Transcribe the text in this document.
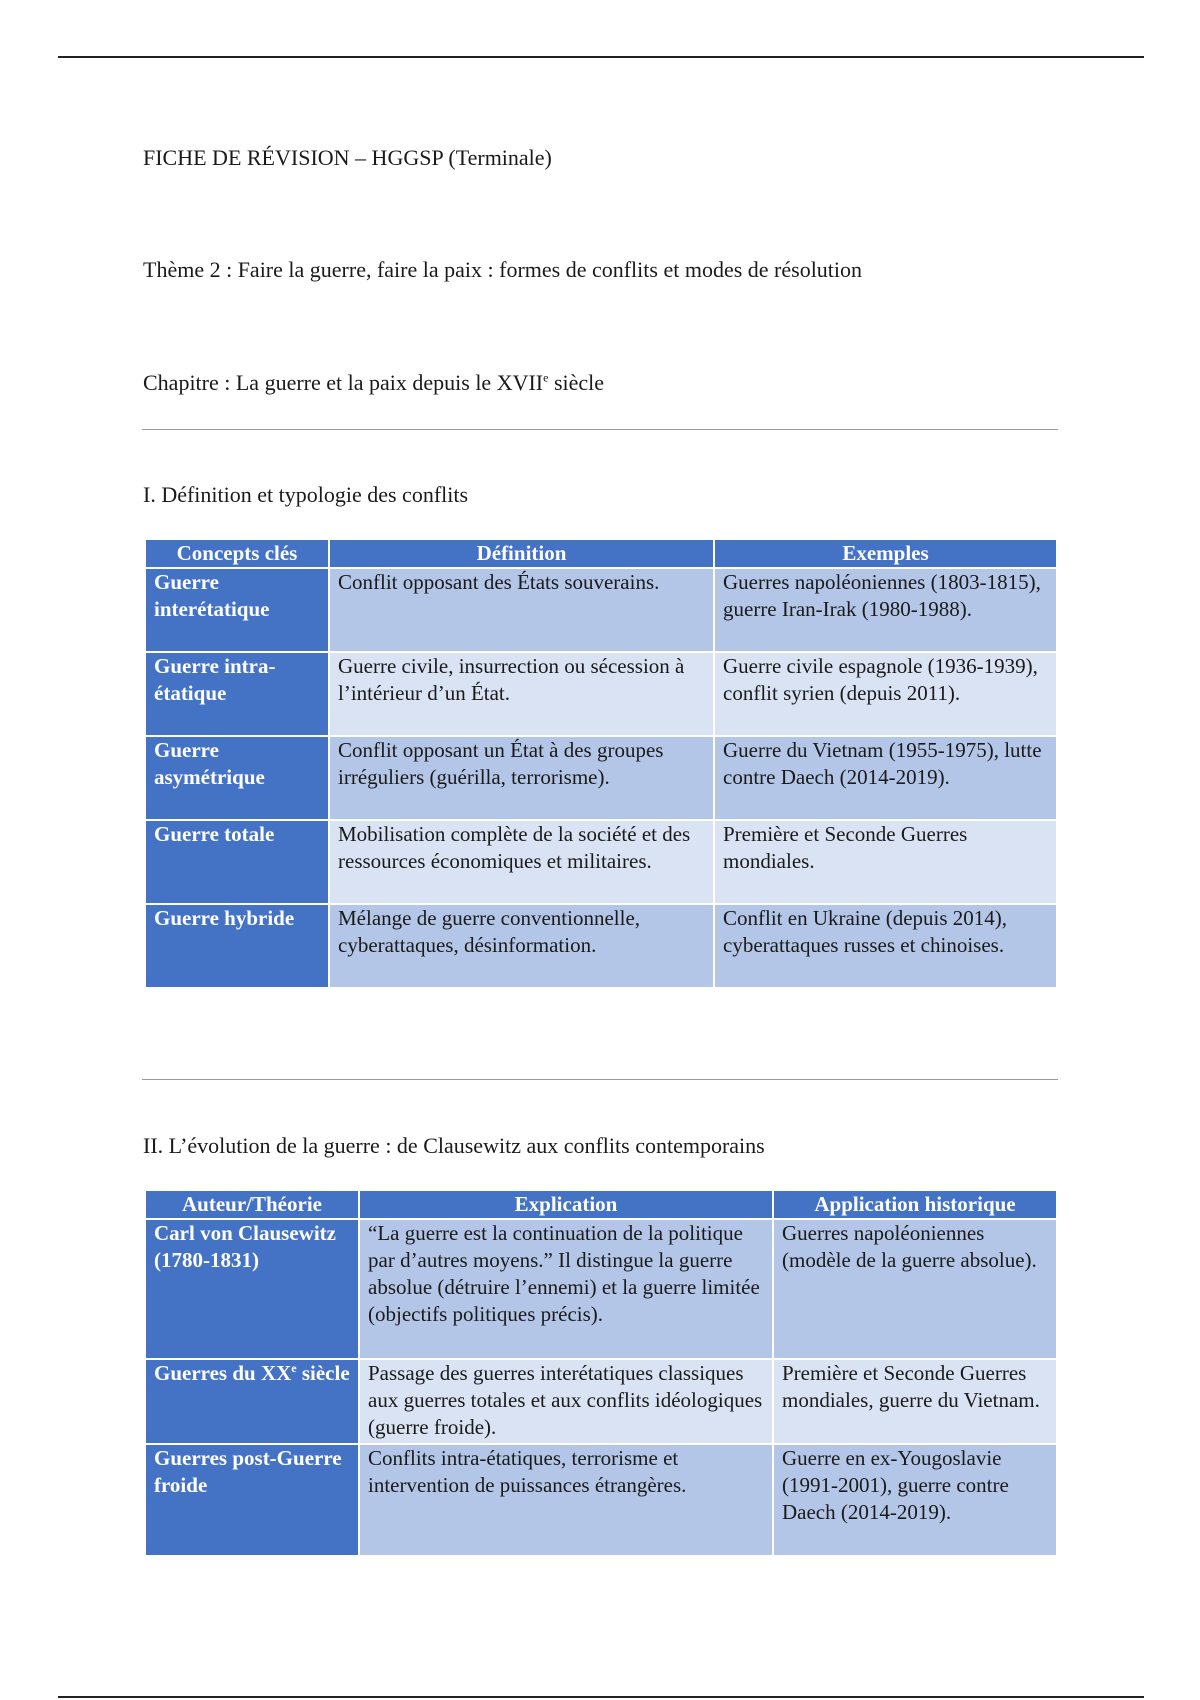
FICHE DE RÉVISION – HGGSP (Terminale)
Thème 2 : Faire la guerre, faire la paix : formes de conflits et modes de résolution
Chapitre : La guerre et la paix depuis le XVIIe siècle
I. Définition et typologie des conflits
Concepts clés	Définition	Exemples
Guerre interétatique	Conflit opposant des États souverains.	Guerres napoléoniennes (1803-1815), guerre Iran-Irak (1980-1988).
Guerre intra-étatique	Guerre civile, insurrection ou sécession à l’intérieur d’un État.	Guerre civile espagnole (1936-1939), conflit syrien (depuis 2011).
Guerre asymétrique	Conflit opposant un État à des groupes irréguliers (guérilla, terrorisme).	Guerre du Vietnam (1955-1975), lutte contre Daech (2014-2019).
Guerre totale	Mobilisation complète de la société et des ressources économiques et militaires.	Première et Seconde Guerres mondiales.
Guerre hybride	Mélange de guerre conventionnelle, cyberattaques, désinformation.	Conflit en Ukraine (depuis 2014), cyberattaques russes et chinoises.
II. L’évolution de la guerre : de Clausewitz aux conflits contemporains
Auteur/Théorie	Explication	Application historique
Carl von Clausewitz (1780-1831)	“La guerre est la continuation de la politique par d’autres moyens.” Il distingue la guerre absolue (détruire l’ennemi) et la guerre limitée (objectifs politiques précis).	Guerres napoléoniennes (modèle de la guerre absolue).
Guerres du XXe siècle	Passage des guerres interétatiques classiques aux guerres totales et aux conflits idéologiques (guerre froide).	Première et Seconde Guerres mondiales, guerre du Vietnam.
Guerres post-Guerre froide	Conflits intra-étatiques, terrorisme et intervention de puissances étrangères.	Guerre en ex-Yougoslavie (1991-2001), guerre contre Daech (2014-2019).
